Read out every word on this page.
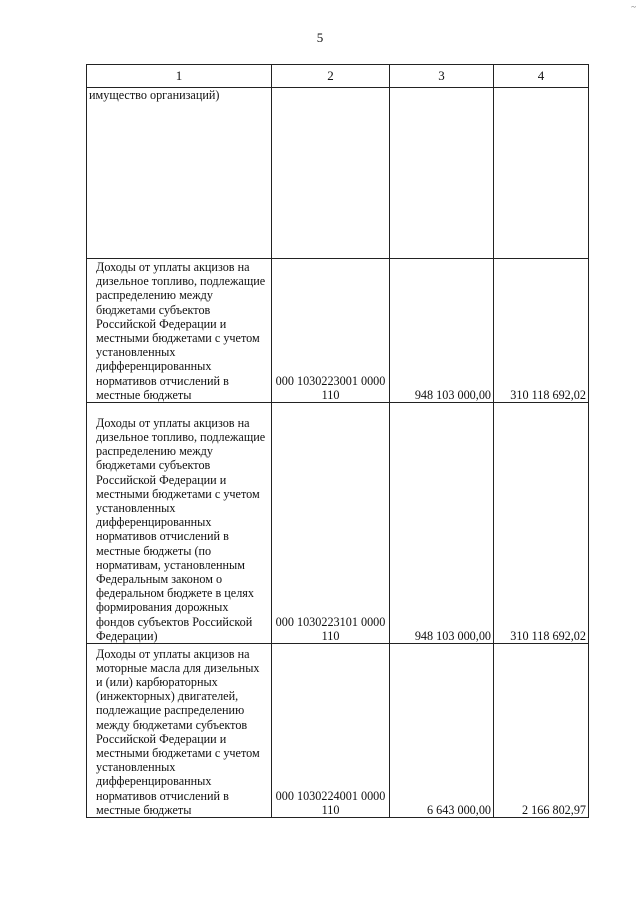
~
5
1	2	3	4
имущество организаций)			

Доходы от уплаты акцизов на дизельное топливо, подлежащие распределению между бюджетами субъектов Российской Федерации и местными бюджетами с учетом установленных дифференцированных нормативов отчислений в местные бюджеты	000 1030223001 0000 110	948 103 000,00	310 118 692,02

Доходы от уплаты акцизов на дизельное топливо, подлежащие распределению между бюджетами субъектов Российской Федерации и местными бюджетами с учетом установленных дифференцированных нормативов отчислений в местные бюджеты (по нормативам, установленным Федеральным законом о федеральном бюджете в целях формирования дорожных фондов субъектов Российской Федерации)	000 1030223101 0000 110	948 103 000,00	310 118 692,02

Доходы от уплаты акцизов на моторные масла для дизельных и (или) карбюраторных (инжекторных) двигателей, подлежащие распределению между бюджетами субъектов Российской Федерации и местными бюджетами с учетом установленных дифференцированных нормативов отчислений в местные бюджеты	000 1030224001 0000 110	6 643 000,00	2 166 802,97
